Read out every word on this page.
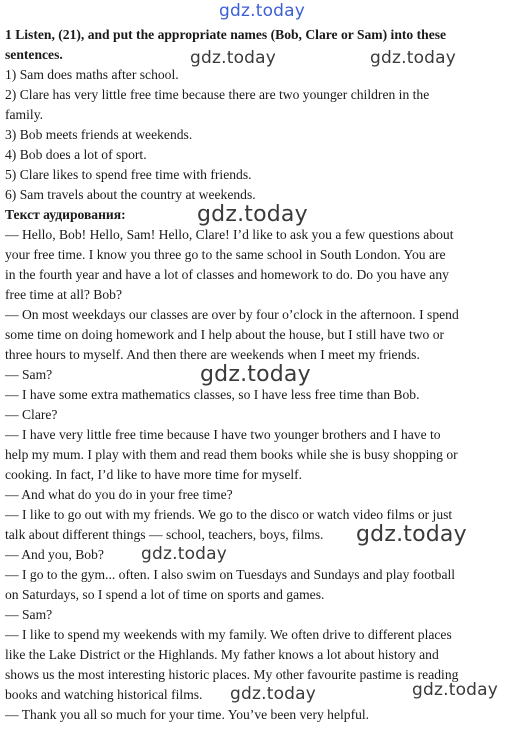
gdz.today

1 Listen, (21), and put the appropriate names (Bob, Clare or Sam) into these

sentences.

1) Sam does maths after school.

2) Clare has very little free time because there are two younger children in the

family.

3) Bob meets friends at weekends.

4) Bob does a lot of sport.

5) Clare likes to spend free time with friends.

6) Sam travels about the country at weekends.

Текст аудирования:

— Hello, Bob! Hello, Sam! Hello, Clare! I’d like to ask you a few questions about

your free time. I know you three go to the same school in South London. You are

in the fourth year and have a lot of classes and homework to do. Do you have any

free time at all? Bob?

— On most weekdays our classes are over by four o’clock in the afternoon. I spend

some time on doing homework and I help about the house, but I still have two or

three hours to myself. And then there are weekends when I meet my friends.

— Sam?

— I have some extra mathematics classes, so I have less free time than Bob.

— Clare?

— I have very little free time because I have two younger brothers and I have to

help my mum. I play with them and read them books while she is busy shopping or

cooking. In fact, I’d like to have more time for myself.

— And what do you do in your free time?

— I like to go out with my friends. We go to the disco or watch video films or just

talk about different things — school, teachers, boys, films.

— And you, Bob?

— I go to the gym... often. I also swim on Tuesdays and Sundays and play football

on Saturdays, so I spend a lot of time on sports and games.

— Sam?

— I like to spend my weekends with my family. We often drive to different places

like the Lake District or the Highlands. My father knows a lot about history and

shows us the most interesting historic places. My other favourite pastime is reading

books and watching historical films.

— Thank you all so much for your time. You’ve been very helpful.

gdz.today	gdz.today
gdz.today
gdz.today
gdz.today
gdz.today
gdz.today
gdz.today
